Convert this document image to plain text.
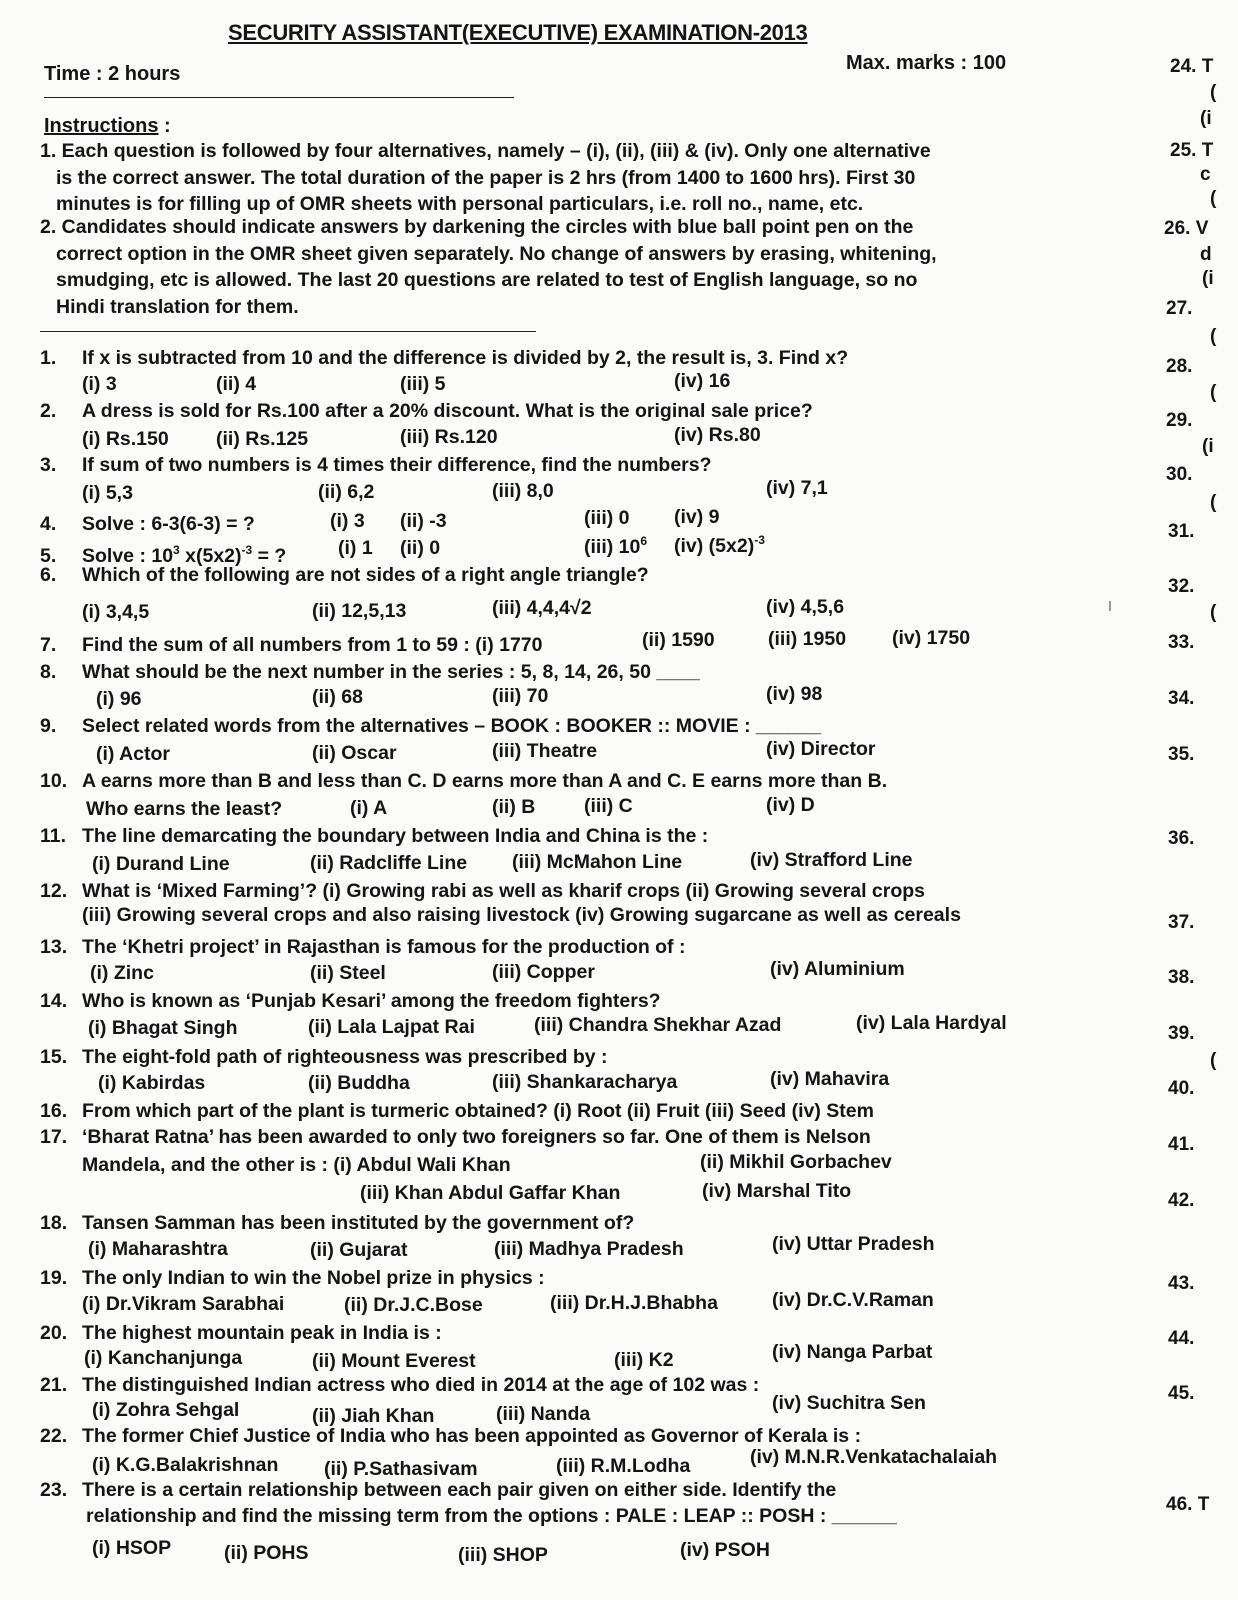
SECURITY ASSISTANT(EXECUTIVE) EXAMINATION-2013
Time : 2 hours	Max. marks : 100
Instructions :
1. Each question is followed by four alternatives, namely – (i), (ii), (iii) & (iv). Only one alternative
is the correct answer. The total duration of the paper is 2 hrs (from 1400 to 1600 hrs). First 30
minutes is for filling up of OMR sheets with personal particulars, i.e. roll no., name, etc.
2. Candidates should indicate answers by darkening the circles with blue ball point pen on the
correct option in the OMR sheet given separately. No change of answers by erasing, whitening,
smudging, etc is allowed. The last 20 questions are related to test of English language, so no
Hindi translation for them.
1. If x is subtracted from 10 and the difference is divided by 2, the result is, 3. Find x?
(i) 3	(ii) 4	(iii) 5	(iv) 16
2. A dress is sold for Rs.100 after a 20% discount. What is the original sale price?
(i) Rs.150 (ii) Rs.125	(iii) Rs.120	(iv) Rs.80
3. If sum of two numbers is 4 times their difference, find the numbers?
(i) 5,3	(ii) 6,2	(iii) 8,0	(iv) 7,1
4. Solve : 6-3(6-3) = ?	(i) 3 (ii) -3	(iii) 0 (iv) 9
5. Solve : $10^3$ $x(5x2)^{-3}$ = ?	(i) 1 (ii) 0	(iii) $10^6$ (iv) $(5x2)^{-3}$
6. Which of the following are not sides of a right angle triangle?
(i) 3,4,5	(ii) 12,5,13	(iii) 4,4,4√2	(iv) 4,5,6
7. Find the sum of all numbers from 1 to 59 : (i) 1770	(ii) 1590	(iii) 1950 (iv) 1750
8. What should be the next number in the series : 5, 8, 14, 26, 50 ____
(i) 96	(ii) 68	(iii) 70	(iv) 98
9. Select related words from the alternatives – BOOK : BOOKER :: MOVIE : ______
(i) Actor	(ii) Oscar	(iii) Theatre	(iv) Director
10. A earns more than B and less than C. D earns more than A and C. E earns more than B.
Who earns the least?	(i) A	(ii) B (iii) C	(iv) D
11. The line demarcating the boundary between India and China is the :
(i) Durand Line	(ii) Radcliffe Line (iii) McMahon Line	(iv) Strafford Line
12. What is ‘Mixed Farming’? (i) Growing rabi as well as kharif crops (ii) Growing several crops
(iii) Growing several crops and also raising livestock (iv) Growing sugarcane as well as cereals
13. The ‘Khetri project’ in Rajasthan is famous for the production of :
(i) Zinc	(ii) Steel	(iii) Copper	(iv) Aluminium
14. Who is known as ‘Punjab Kesari’ among the freedom fighters?
(i) Bhagat Singh	(ii) Lala Lajpat Rai	(iii) Chandra Shekhar Azad	(iv) Lala Hardyal
15. The eight-fold path of righteousness was prescribed by :
(i) Kabirdas	(ii) Buddha	(iii) Shankaracharya	(iv) Mahavira
16. From which part of the plant is turmeric obtained? (i) Root (ii) Fruit (iii) Seed (iv) Stem
17. ‘Bharat Ratna’ has been awarded to only two foreigners so far. One of them is Nelson
Mandela, and the other is : (i) Abdul Wali Khan	(ii) Mikhil Gorbachev
(iii) Khan Abdul Gaffar Khan	(iv) Marshal Tito
18. Tansen Samman has been instituted by the government of?
(i) Maharashtra	(ii) Gujarat	(iii) Madhya Pradesh	(iv) Uttar Pradesh
19. The only Indian to win the Nobel prize in physics :
(i) Dr.Vikram Sarabhai	(ii) Dr.J.C.Bose	(iii) Dr.H.J.Bhabha	(iv) Dr.C.V.Raman
20. The highest mountain peak in India is :
(i) Kanchanjunga	(ii) Mount Everest	(iii) K2	(iv) Nanga Parbat
21. The distinguished Indian actress who died in 2014 at the age of 102 was :
(i) Zohra Sehgal	(ii) Jiah Khan	(iii) Nanda	(iv) Suchitra Sen
22. The former Chief Justice of India who has been appointed as Governor of Kerala is :
(i) K.G.Balakrishnan (ii) P.Sathasivam	(iii) R.M.Lodha	(iv) M.N.R.Venkatachalaiah
23. There is a certain relationship between each pair given on either side. Identify the
relationship and find the missing term from the options : PALE : LEAP :: POSH : ______
(i) HSOP	(ii) POHS	(iii) SHOP	(iv) PSOH
24. T
(
(i
25. T
c
(
26. V
d
(i
27.
(
28.
(
29.
(i
30.
(
31.
32.
(
33.
34.
35.
36.
37.
38.
39.
(
40.
41.
42.
43.
44.
45.
46. T
ǀ
